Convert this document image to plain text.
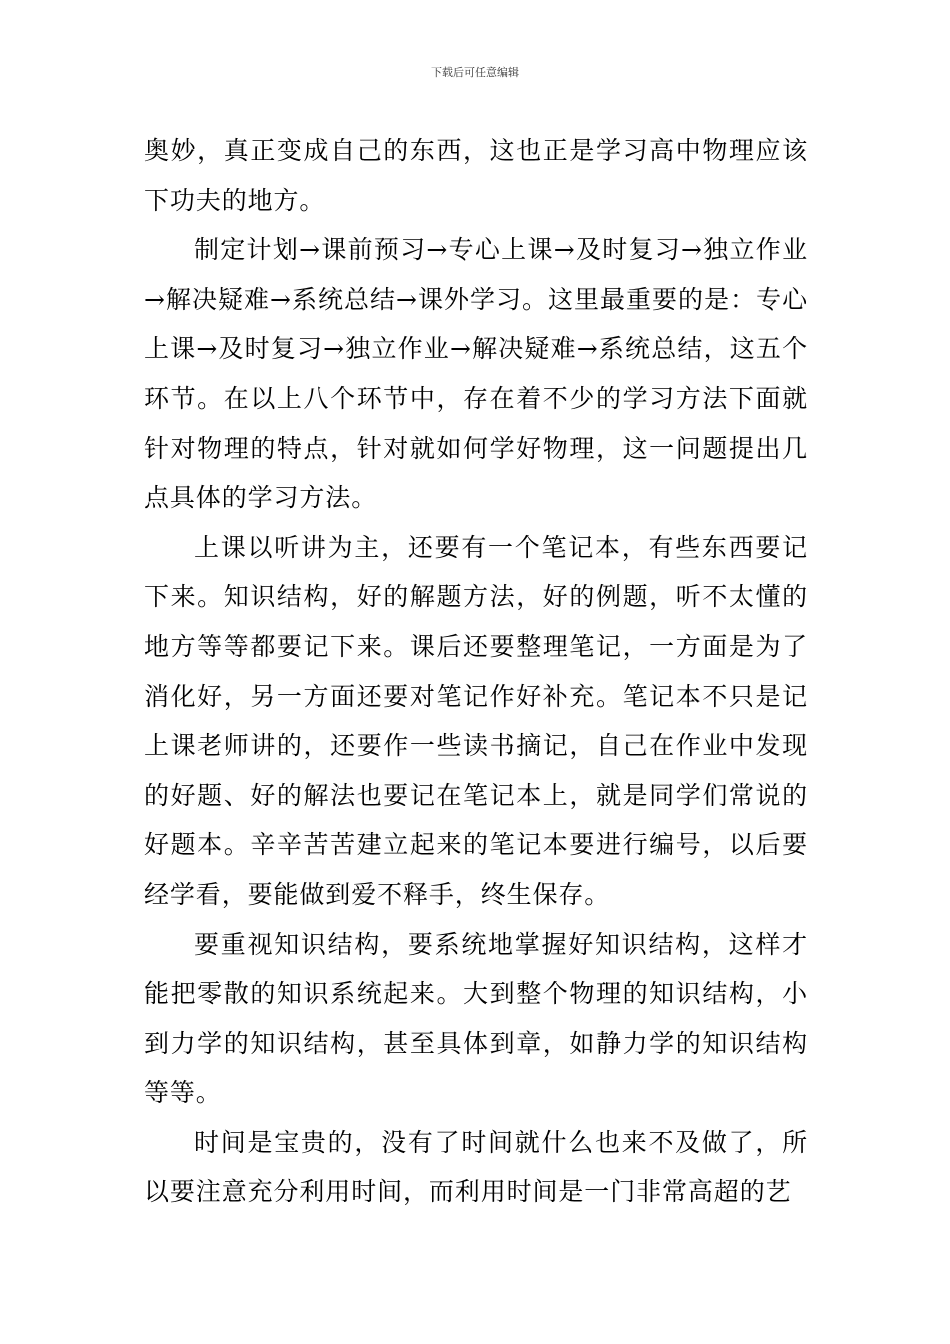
下载后可任意编辑

奥妙，真正变成自己的东西，这也正是学习高中物理应该下功夫的地方。

制定计划→课前预习→专心上课→及时复习→独立作业→解决疑难→系统总结→课外学习。这里最重要的是：专心上课→及时复习→独立作业→解决疑难→系统总结，这五个环节。在以上八个环节中，存在着不少的学习方法下面就针对物理的特点，针对就如何学好物理，这一问题提出几点具体的学习方法。

上课以听讲为主，还要有一个笔记本，有些东西要记下来。知识结构，好的解题方法，好的例题，听不太懂的地方等等都要记下来。课后还要整理笔记，一方面是为了消化好，另一方面还要对笔记作好补充。笔记本不只是记上课老师讲的，还要作一些读书摘记，自己在作业中发现的好题、好的解法也要记在笔记本上，就是同学们常说的好题本。辛辛苦苦建立起来的笔记本要进行编号，以后要经学看，要能做到爱不释手，终生保存。

要重视知识结构，要系统地掌握好知识结构，这样才能把零散的知识系统起来。大到整个物理的知识结构，小到力学的知识结构，甚至具体到章，如静力学的知识结构等等。

时间是宝贵的，没有了时间就什么也来不及做了，所以要注意充分利用时间，而利用时间是一门非常高超的艺
